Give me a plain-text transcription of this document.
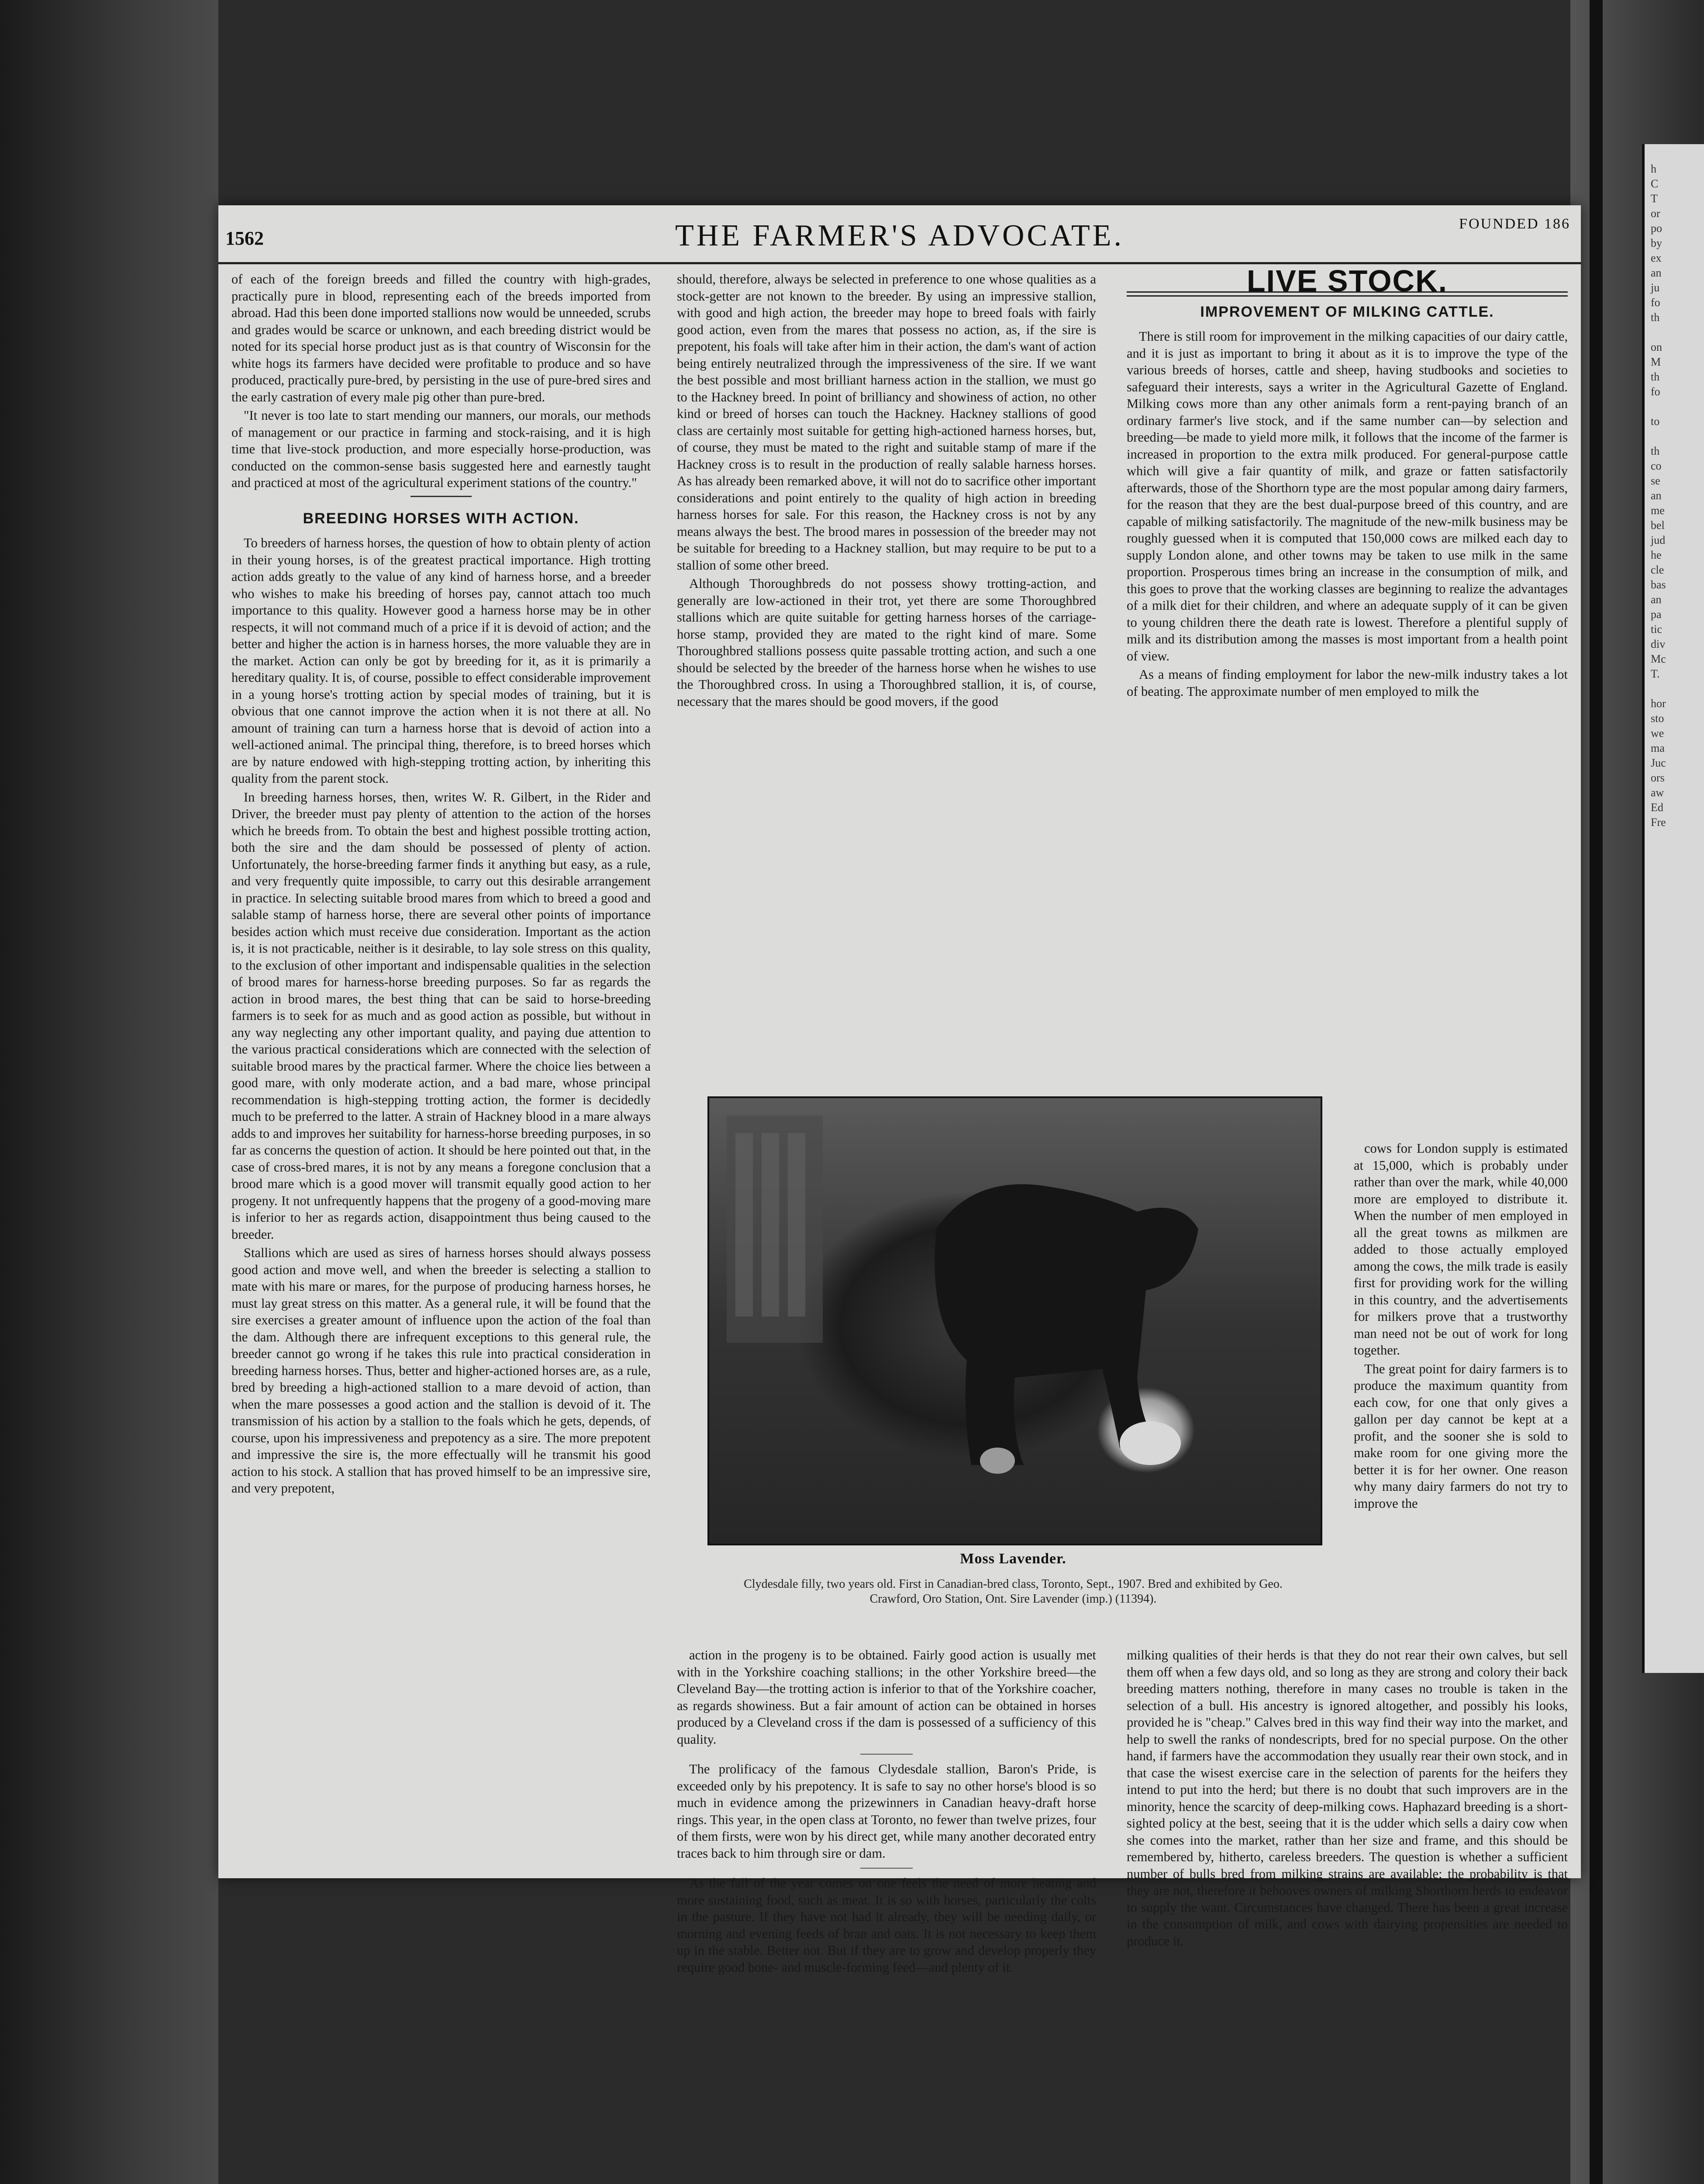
h
C
T
or
po
by
ex
an
ju
fo
th

on
M
th
fo

to

th
co
se
an
me
bel
jud
he
cle
bas
an
pa
tic
div
Mc
T.

hor
sto
we
ma
Juc
ors
aw
Ed
Fre
1562	THE FARMER'S ADVOCATE.	FOUNDED 186

of each of the foreign breeds and filled the country with high-grades, practically pure in blood, representing each of the breeds imported from abroad. Had this been done imported stallions now would be unneeded, scrubs and grades would be scarce or unknown, and each breeding district would be noted for its special horse product just as is that country of Wisconsin for the white hogs its farmers have decided were profitable to produce and so have produced, practically pure-bred, by persisting in the use of pure-bred sires and the early castration of every male pig other than pure-bred.

"It never is too late to start mending our manners, our morals, our methods of management or our practice in farming and stock-raising, and it is high time that live-stock production, and more especially horse-production, was conducted on the common-sense basis suggested here and earnestly taught and practiced at most of the agricultural experiment stations of the country."

BREEDING HORSES WITH ACTION.

To breeders of harness horses, the question of how to obtain plenty of action in their young horses, is of the greatest practical importance. High trotting action adds greatly to the value of any kind of harness horse, and a breeder who wishes to make his breeding of horses pay, cannot attach too much importance to this quality. However good a harness horse may be in other respects, it will not command much of a price if it is devoid of action; and the better and higher the action is in harness horses, the more valuable they are in the market. Action can only be got by breeding for it, as it is primarily a hereditary quality. It is, of course, possible to effect considerable improvement in a young horse's trotting action by special modes of training, but it is obvious that one cannot improve the action when it is not there at all. No amount of training can turn a harness horse that is devoid of action into a well-actioned animal. The principal thing, therefore, is to breed horses which are by nature endowed with high-stepping trotting action, by inheriting this quality from the parent stock.

In breeding harness horses, then, writes W. R. Gilbert, in the Rider and Driver, the breeder must pay plenty of attention to the action of the horses which he breeds from. To obtain the best and highest possible trotting action, both the sire and the dam should be possessed of plenty of action. Unfortunately, the horse-breeding farmer finds it anything but easy, as a rule, and very frequently quite impossible, to carry out this desirable arrangement in practice. In selecting suitable brood mares from which to breed a good and salable stamp of harness horse, there are several other points of importance besides action which must receive due consideration. Important as the action is, it is not practicable, neither is it desirable, to lay sole stress on this quality, to the exclusion of other important and indispensable qualities in the selection of brood mares for harness-horse breeding purposes. So far as regards the action in brood mares, the best thing that can be said to horse-breeding farmers is to seek for as much and as good action as possible, but without in any way neglecting any other important quality, and paying due attention to the various practical considerations which are connected with the selection of suitable brood mares by the practical farmer. Where the choice lies between a good mare, with only moderate action, and a bad mare, whose principal recommendation is high-stepping trotting action, the former is decidedly much to be preferred to the latter. A strain of Hackney blood in a mare always adds to and improves her suitability for harness-horse breeding purposes, in so far as concerns the question of action. It should be here pointed out that, in the case of cross-bred mares, it is not by any means a foregone conclusion that a brood mare which is a good mover will transmit equally good action to her progeny. It not unfrequently happens that the progeny of a good-moving mare is inferior to her as regards action, disappointment thus being caused to the breeder.

Stallions which are used as sires of harness horses should always possess good action and move well, and when the breeder is selecting a stallion to mate with his mare or mares, for the purpose of producing harness horses, he must lay great stress on this matter. As a general rule, it will be found that the sire exercises a greater amount of influence upon the action of the foal than the dam. Although there are infrequent exceptions to this general rule, the breeder cannot go wrong if he takes this rule into practical consideration in breeding harness horses. Thus, better and higher-actioned horses are, as a rule, bred by breeding a high-actioned stallion to a mare devoid of action, than when the mare possesses a good action and the stallion is devoid of it. The transmission of his action by a stallion to the foals which he gets, depends, of course, upon his impressiveness and prepotency as a sire. The more prepotent and impressive the sire is, the more effectually will he transmit his good action to his stock. A stallion that has proved himself to be an impressive sire, and very prepotent,

should, therefore, always be selected in preference to one whose qualities as a stock-getter are not known to the breeder. By using an impressive stallion, with good and high action, the breeder may hope to breed foals with fairly good action, even from the mares that possess no action, as, if the sire is prepotent, his foals will take after him in their action, the dam's want of action being entirely neutralized through the impressiveness of the sire. If we want the best possible and most brilliant harness action in the stallion, we must go to the Hackney breed. In point of brilliancy and showiness of action, no other kind or breed of horses can touch the Hackney. Hackney stallions of good class are certainly most suitable for getting high-actioned harness horses, but, of course, they must be mated to the right and suitable stamp of mare if the Hackney cross is to result in the production of really salable harness horses. As has already been remarked above, it will not do to sacrifice other important considerations and point entirely to the quality of high action in breeding harness horses for sale. For this reason, the Hackney cross is not by any means always the best. The brood mares in possession of the breeder may not be suitable for breeding to a Hackney stallion, but may require to be put to a stallion of some other breed.

Although Thoroughbreds do not possess showy trotting-action, and generally are low-actioned in their trot, yet there are some Thoroughbred stallions which are quite suitable for getting harness horses of the carriage-horse stamp, provided they are mated to the right kind of mare. Some Thoroughbred stallions possess quite passable trotting action, and such a one should be selected by the breeder of the harness horse when he wishes to use the Thoroughbred cross. In using a Thoroughbred stallion, it is, of course, necessary that the mares should be good movers, if the good

Moss Lavender.
Clydesdale filly, two years old. First in Canadian-bred class, Toronto, Sept., 1907. Bred and exhibited by Geo. Crawford, Oro Station, Ont. Sire Lavender (imp.) (11394).

action in the progeny is to be obtained. Fairly good action is usually met with in the Yorkshire coaching stallions; in the other Yorkshire breed—the Cleveland Bay—the trotting action is inferior to that of the Yorkshire coacher, as regards showiness. But a fair amount of action can be obtained in horses produced by a Cleveland cross if the dam is possessed of a sufficiency of this quality.

The prolificacy of the famous Clydesdale stallion, Baron's Pride, is exceeded only by his prepotency. It is safe to say no other horse's blood is so much in evidence among the prizewinners in Canadian heavy-draft horse rings. This year, in the open class at Toronto, no fewer than twelve prizes, four of them firsts, were won by his direct get, while many another decorated entry traces back to him through sire or dam.

As the fall of the year comes on one feels the need of more heating and more sustaining food, such as meat. It is so with horses, particularly the colts in the pasture. If they have not had it already, they will be needing daily, or morning and evening feeds of bran and oats. It is not necessary to keep them up in the stable. Better not. But if they are to grow and develop properly they require good bone- and muscle-forming feed—and plenty of it.

LIVE STOCK.
IMPROVEMENT OF MILKING CATTLE.

There is still room for improvement in the milking capacities of our dairy cattle, and it is just as important to bring it about as it is to improve the type of the various breeds of horses, cattle and sheep, having studbooks and societies to safeguard their interests, says a writer in the Agricultural Gazette of England. Milking cows more than any other animals form a rent-paying branch of an ordinary farmer's live stock, and if the same number can—by selection and breeding—be made to yield more milk, it follows that the income of the farmer is increased in proportion to the extra milk produced. For general-purpose cattle which will give a fair quantity of milk, and graze or fatten satisfactorily afterwards, those of the Shorthorn type are the most popular among dairy farmers, for the reason that they are the best dual-purpose breed of this country, and are capable of milking satisfactorily. The magnitude of the new-milk business may be roughly guessed when it is computed that 150,000 cows are milked each day to supply London alone, and other towns may be taken to use milk in the same proportion. Prosperous times bring an increase in the consumption of milk, and this goes to prove that the working classes are beginning to realize the advantages of a milk diet for their children, and where an adequate supply of it can be given to young children there the death rate is lowest. Therefore a plentiful supply of milk and its distribution among the masses is most important from a health point of view.

As a means of finding employment for labor the new-milk industry takes a lot of beating. The approximate number of men employed to milk the

cows for London supply is estimated at 15,000, which is probably under rather than over the mark, while 40,000 more are employed to distribute it. When the number of men employed in all the great towns as milkmen are added to those actually employed among the cows, the milk trade is easily first for providing work for the willing in this country, and the advertisements for milkers prove that a trustworthy man need not be out of work for long together.

The great point for dairy farmers is to produce the maximum quantity from each cow, for one that only gives a gallon per day cannot be kept at a profit, and the sooner she is sold to make room for one giving more the better it is for her owner. One reason why many dairy farmers do not try to improve the

milking qualities of their herds is that they do not rear their own calves, but sell them off when a few days old, and so long as they are strong and colory their back breeding matters nothing, therefore in many cases no trouble is taken in the selection of a bull. His ancestry is ignored altogether, and possibly his looks, provided he is "cheap." Calves bred in this way find their way into the market, and help to swell the ranks of nondescripts, bred for no special purpose. On the other hand, if farmers have the accommodation they usually rear their own stock, and in that case the wisest exercise care in the selection of parents for the heifers they intend to put into the herd; but there is no doubt that such improvers are in the minority, hence the scarcity of deep-milking cows. Haphazard breeding is a short-sighted policy at the best, seeing that it is the udder which sells a dairy cow when she comes into the market, rather than her size and frame, and this should be remembered by, hitherto, careless breeders. The question is whether a sufficient number of bulls bred from milking strains are available; the probability is that they are not, therefore it behooves owners of milking Shorthorn herds to endeavor to supply the want. Circumstances have changed. There has been a great increase in the consumption of milk, and cows with dairying propensities are needed to produce it.
